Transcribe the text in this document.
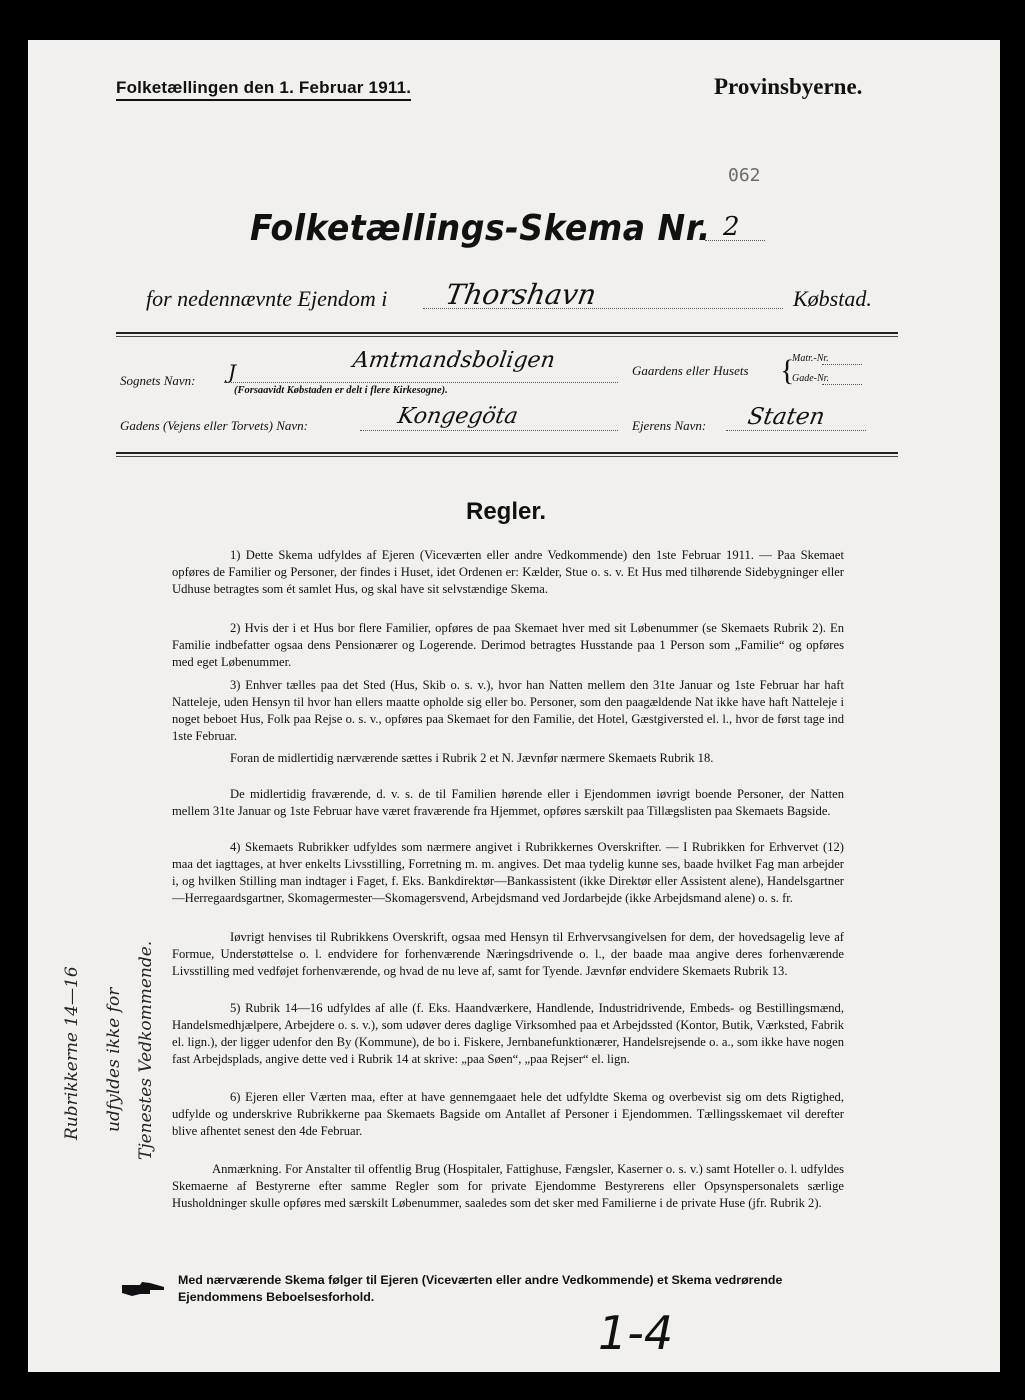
Folketællingen den 1. Februar 1911.	Provinsbyerne.
062
Folketællings-Skema Nr. 2
for nedennævnte Ejendom i Thorshavn	Købstad.
Sognets Navn: J	Amtmandsboligen
(Forsaavidt Købstaden er delt i flere Kirkesogne).
Gaardens eller Husets {
Matr.-Nr.
Gade-Nr.
Gadens (Vejens eller Torvets) Navn:	Kongegöta	Ejerens Navn: Staten
Regler.

1) Dette Skema udfyldes af Ejeren (Viceværten eller andre Vedkommende) den 1ste Februar 1911. — Paa Skemaet opføres de Familier og Personer, der findes i Huset, idet Ordenen er: Kælder, Stue o. s. v. Et Hus med tilhørende Sidebygninger eller Udhuse betragtes som ét samlet Hus, og skal have sit selvstændige Skema.

2) Hvis der i et Hus bor flere Familier, opføres de paa Skemaet hver med sit Løbenummer (se Skemaets Rubrik 2). En Familie indbefatter ogsaa dens Pensionærer og Logerende. Derimod betragtes Husstande paa 1 Person som „Familie“ og opføres med eget Løbenummer.

3) Enhver tælles paa det Sted (Hus, Skib o. s. v.), hvor han Natten mellem den 31te Januar og 1ste Februar har haft Natteleje, uden Hensyn til hvor han ellers maatte opholde sig eller bo. Personer, som den paagældende Nat ikke have haft Natteleje i noget beboet Hus, Folk paa Rejse o. s. v., opføres paa Skemaet for den Familie, det Hotel, Gæstgiversted el. l., hvor de først tage ind 1ste Februar.

Foran de midlertidig nærværende sættes i Rubrik 2 et N. Jævnfør nærmere Skemaets Rubrik 18.

De midlertidig fraværende, d. v. s. de til Familien hørende eller i Ejendommen iøvrigt boende Personer, der Natten mellem 31te Januar og 1ste Februar have været fraværende fra Hjemmet, opføres særskilt paa Tillægslisten paa Skemaets Bagside.

4) Skemaets Rubrikker udfyldes som nærmere angivet i Rubrikkernes Overskrifter. — I Rubrikken for Erhvervet (12) maa det iagttages, at hver enkelts Livsstilling, Forretning m. m. angives. Det maa tydelig kunne ses, baade hvilket Fag man arbejder i, og hvilken Stilling man indtager i Faget, f. Eks. Bankdirektør—Bankassistent (ikke Direktør eller Assistent alene), Handelsgartner—Herregaardsgartner, Skomagermester—Skomagersvend, Arbejdsmand ved Jordarbejde (ikke Arbejdsmand alene) o. s. fr.

Iøvrigt henvises til Rubrikkens Overskrift, ogsaa med Hensyn til Erhvervsangivelsen for dem, der hovedsagelig leve af Formue, Understøttelse o. l. endvidere for forhenværende Næringsdrivende o. l., der baade maa angive deres forhenværende Livsstilling med vedføjet forhenværende, og hvad de nu leve af, samt for Tyende. Jævnfør endvidere Skemaets Rubrik 13.

5) Rubrik 14—16 udfyldes af alle (f. Eks. Haandværkere, Handlende, Industridrivende, Embeds- og Bestillingsmænd, Handelsmedhjælpere, Arbejdere o. s. v.), som udøver deres daglige Virksomhed paa et Arbejdssted (Kontor, Butik, Værksted, Fabrik el. lign.), der ligger udenfor den By (Kommune), de bo i. Fiskere, Jernbanefunktionærer, Handelsrejsende o. a., som ikke have nogen fast Arbejdsplads, angive dette ved i Rubrik 14 at skrive: „paa Søen“, „paa Rejser“ el. lign.

6) Ejeren eller Værten maa, efter at have gennemgaaet hele det udfyldte Skema og overbevist sig om dets Rigtighed, udfylde og underskrive Rubrikkerne paa Skemaets Bagside om Antallet af Personer i Ejendommen. Tællingsskemaet vil derefter blive afhentet senest den 4de Februar.

Anmærkning. For Anstalter til offentlig Brug (Hospitaler, Fattighuse, Fængsler, Kaserner o. s. v.) samt Hoteller o. l. udfyldes Skemaerne af Bestyrerne efter samme Regler som for private Ejendomme Bestyrerens eller Opsynspersonalets særlige Husholdninger skulle opføres med særskilt Løbenummer, saaledes som det sker med Familierne i de private Huse (jfr. Rubrik 2).

Rubrikkerne 14—16 udfyldes ikke for Tjenestes Vedkommende.
Med nærværende Skema følger til Ejeren (Viceværten eller andre Vedkommende) et Skema vedrørende Ejendommens Beboelsesforhold.
1-4
